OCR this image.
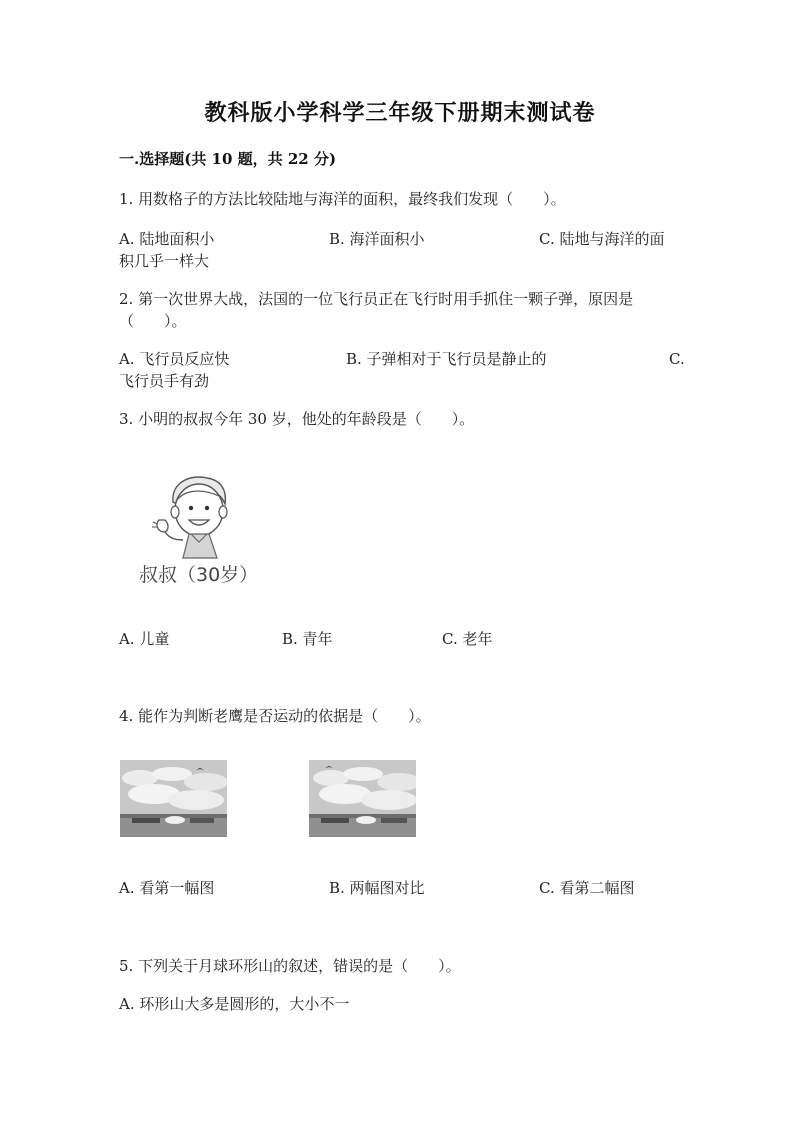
教科版小学科学三年级下册期末测试卷
一.选择题(共 10 题，共 22 分)
1. 用数格子的方法比较陆地与海洋的面积，最终我们发现（　　）。
A. 陆地面积小	B. 海洋面积小	C. 陆地与海洋的面
积几乎一样大
2. 第一次世界大战，法国的一位飞行员正在飞行时用手抓住一颗子弹，原因是
（　　）。
A. 飞行员反应快	B. 子弹相对于飞行员是静止的	C.
飞行员手有劲
3. 小明的叔叔今年 30 岁，他处的年龄段是（　　）。
叔叔（30岁）
A. 儿童	B. 青年	C. 老年
4. 能作为判断老鹰是否运动的依据是（　　）。
A. 看第一幅图	B. 两幅图对比	C. 看第二幅图
5. 下列关于月球环形山的叙述，错误的是（　　）。
A. 环形山大多是圆形的，大小不一
